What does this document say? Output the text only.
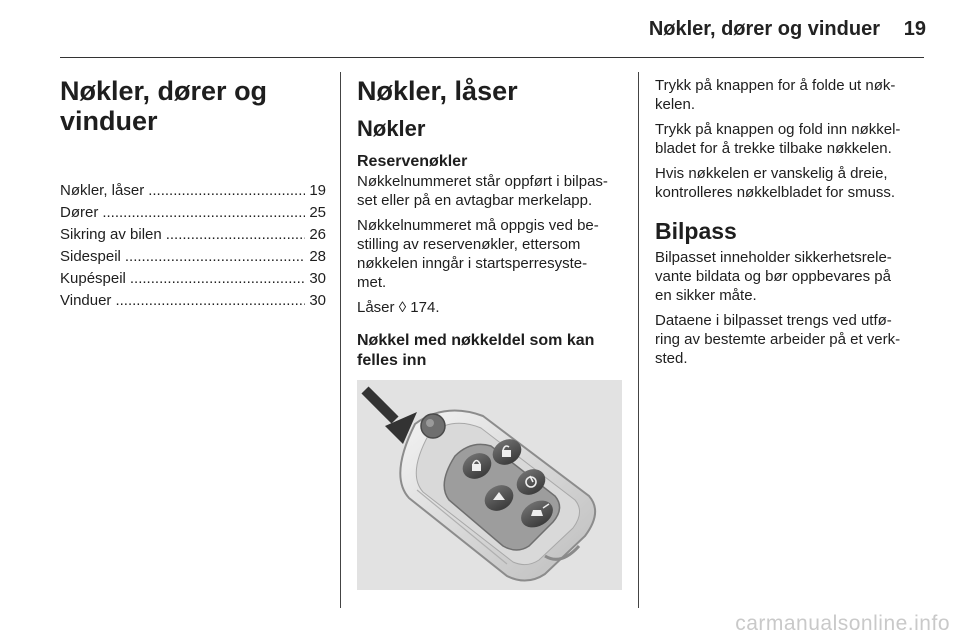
Nøkler, dører og vinduer	19
Nøkler, dører og
vinduer
Nøkler, låser .....	19
Dører .....	25
Sikring av bilen .....	26
Sidespeil .....	28
Kupéspeil .....	30
Vinduer .....	30
Nøkler, låser
Nøkler
Reservenøkler

Nøkkelnummeret står oppført i bilpas-
set eller på en avtagbar merkelapp.

Nøkkelnummeret må oppgis ved be-
stilling av reservenøkler, ettersom
nøkkelen inngår i startsperresyste-
met.

Låser ◊ 174.

Nøkkel med nøkkeldel som kan
felles inn

Trykk på knappen for å folde ut nøk-
kelen.

Trykk på knappen og fold inn nøkkel-
bladet for å trekke tilbake nøkkelen.

Hvis nøkkelen er vanskelig å dreie,
kontrolleres nøkkelbladet for smuss.

Bilpass

Bilpasset inneholder sikkerhetsrele-
vante bildata og bør oppbevares på
en sikker måte.

Dataene i bilpasset trengs ved utfø-
ring av bestemte arbeider på et verk-
sted.

carmanualsonline.info
